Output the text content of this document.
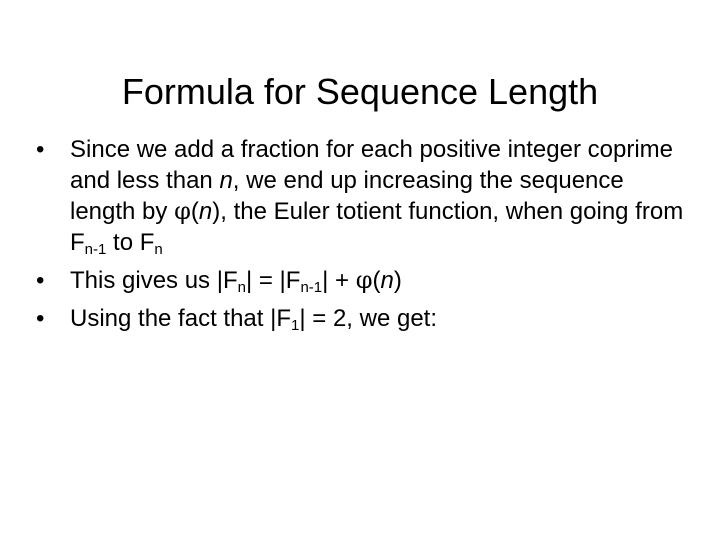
Formula for Sequence Length
•	Since we add a fraction for each positive integer coprime and less than n, we end up increasing the sequence length by φ(n), the Euler totient function, when going from $F_{n-1}$ to $F_n$
•	This gives us $|F_n| = |F_{n-1}| + \varphi(n)$
•	Using the fact that $|F_1| = 2$, we get:
